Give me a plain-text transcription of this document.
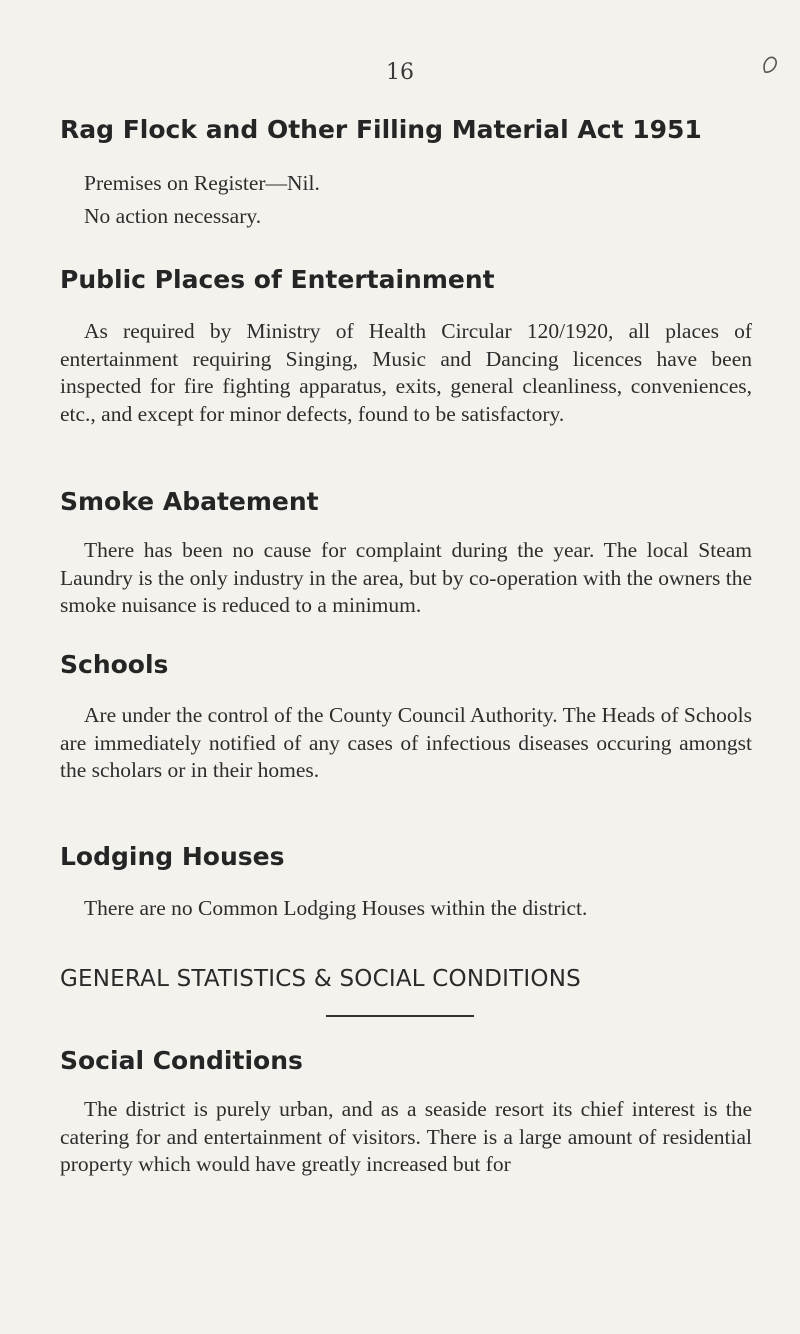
16
Rag Flock and Other Filling Material Act 1951

Premises on Register—Nil.

No action necessary.

Public Places of Entertainment

As required by Ministry of Health Circular 120/1920, all places of entertainment requiring Singing, Music and Dancing licences have been inspected for fire fighting apparatus, exits, general cleanliness, conveniences, etc., and except for minor defects, found to be satisfactory.

Smoke Abatement

There has been no cause for complaint during the year. The local Steam Laundry is the only industry in the area, but by co-operation with the owners the smoke nuisance is reduced to a minimum.

Schools

Are under the control of the County Council Authority. The Heads of Schools are immediately notified of any cases of infectious diseases occuring amongst the scholars or in their homes.

Lodging Houses

There are no Common Lodging Houses within the district.

GENERAL STATISTICS & SOCIAL CONDITIONS
Social Conditions

The district is purely urban, and as a seaside resort its chief interest is the catering for and entertainment of visitors. There is a large amount of residential property which would have greatly increased but for
